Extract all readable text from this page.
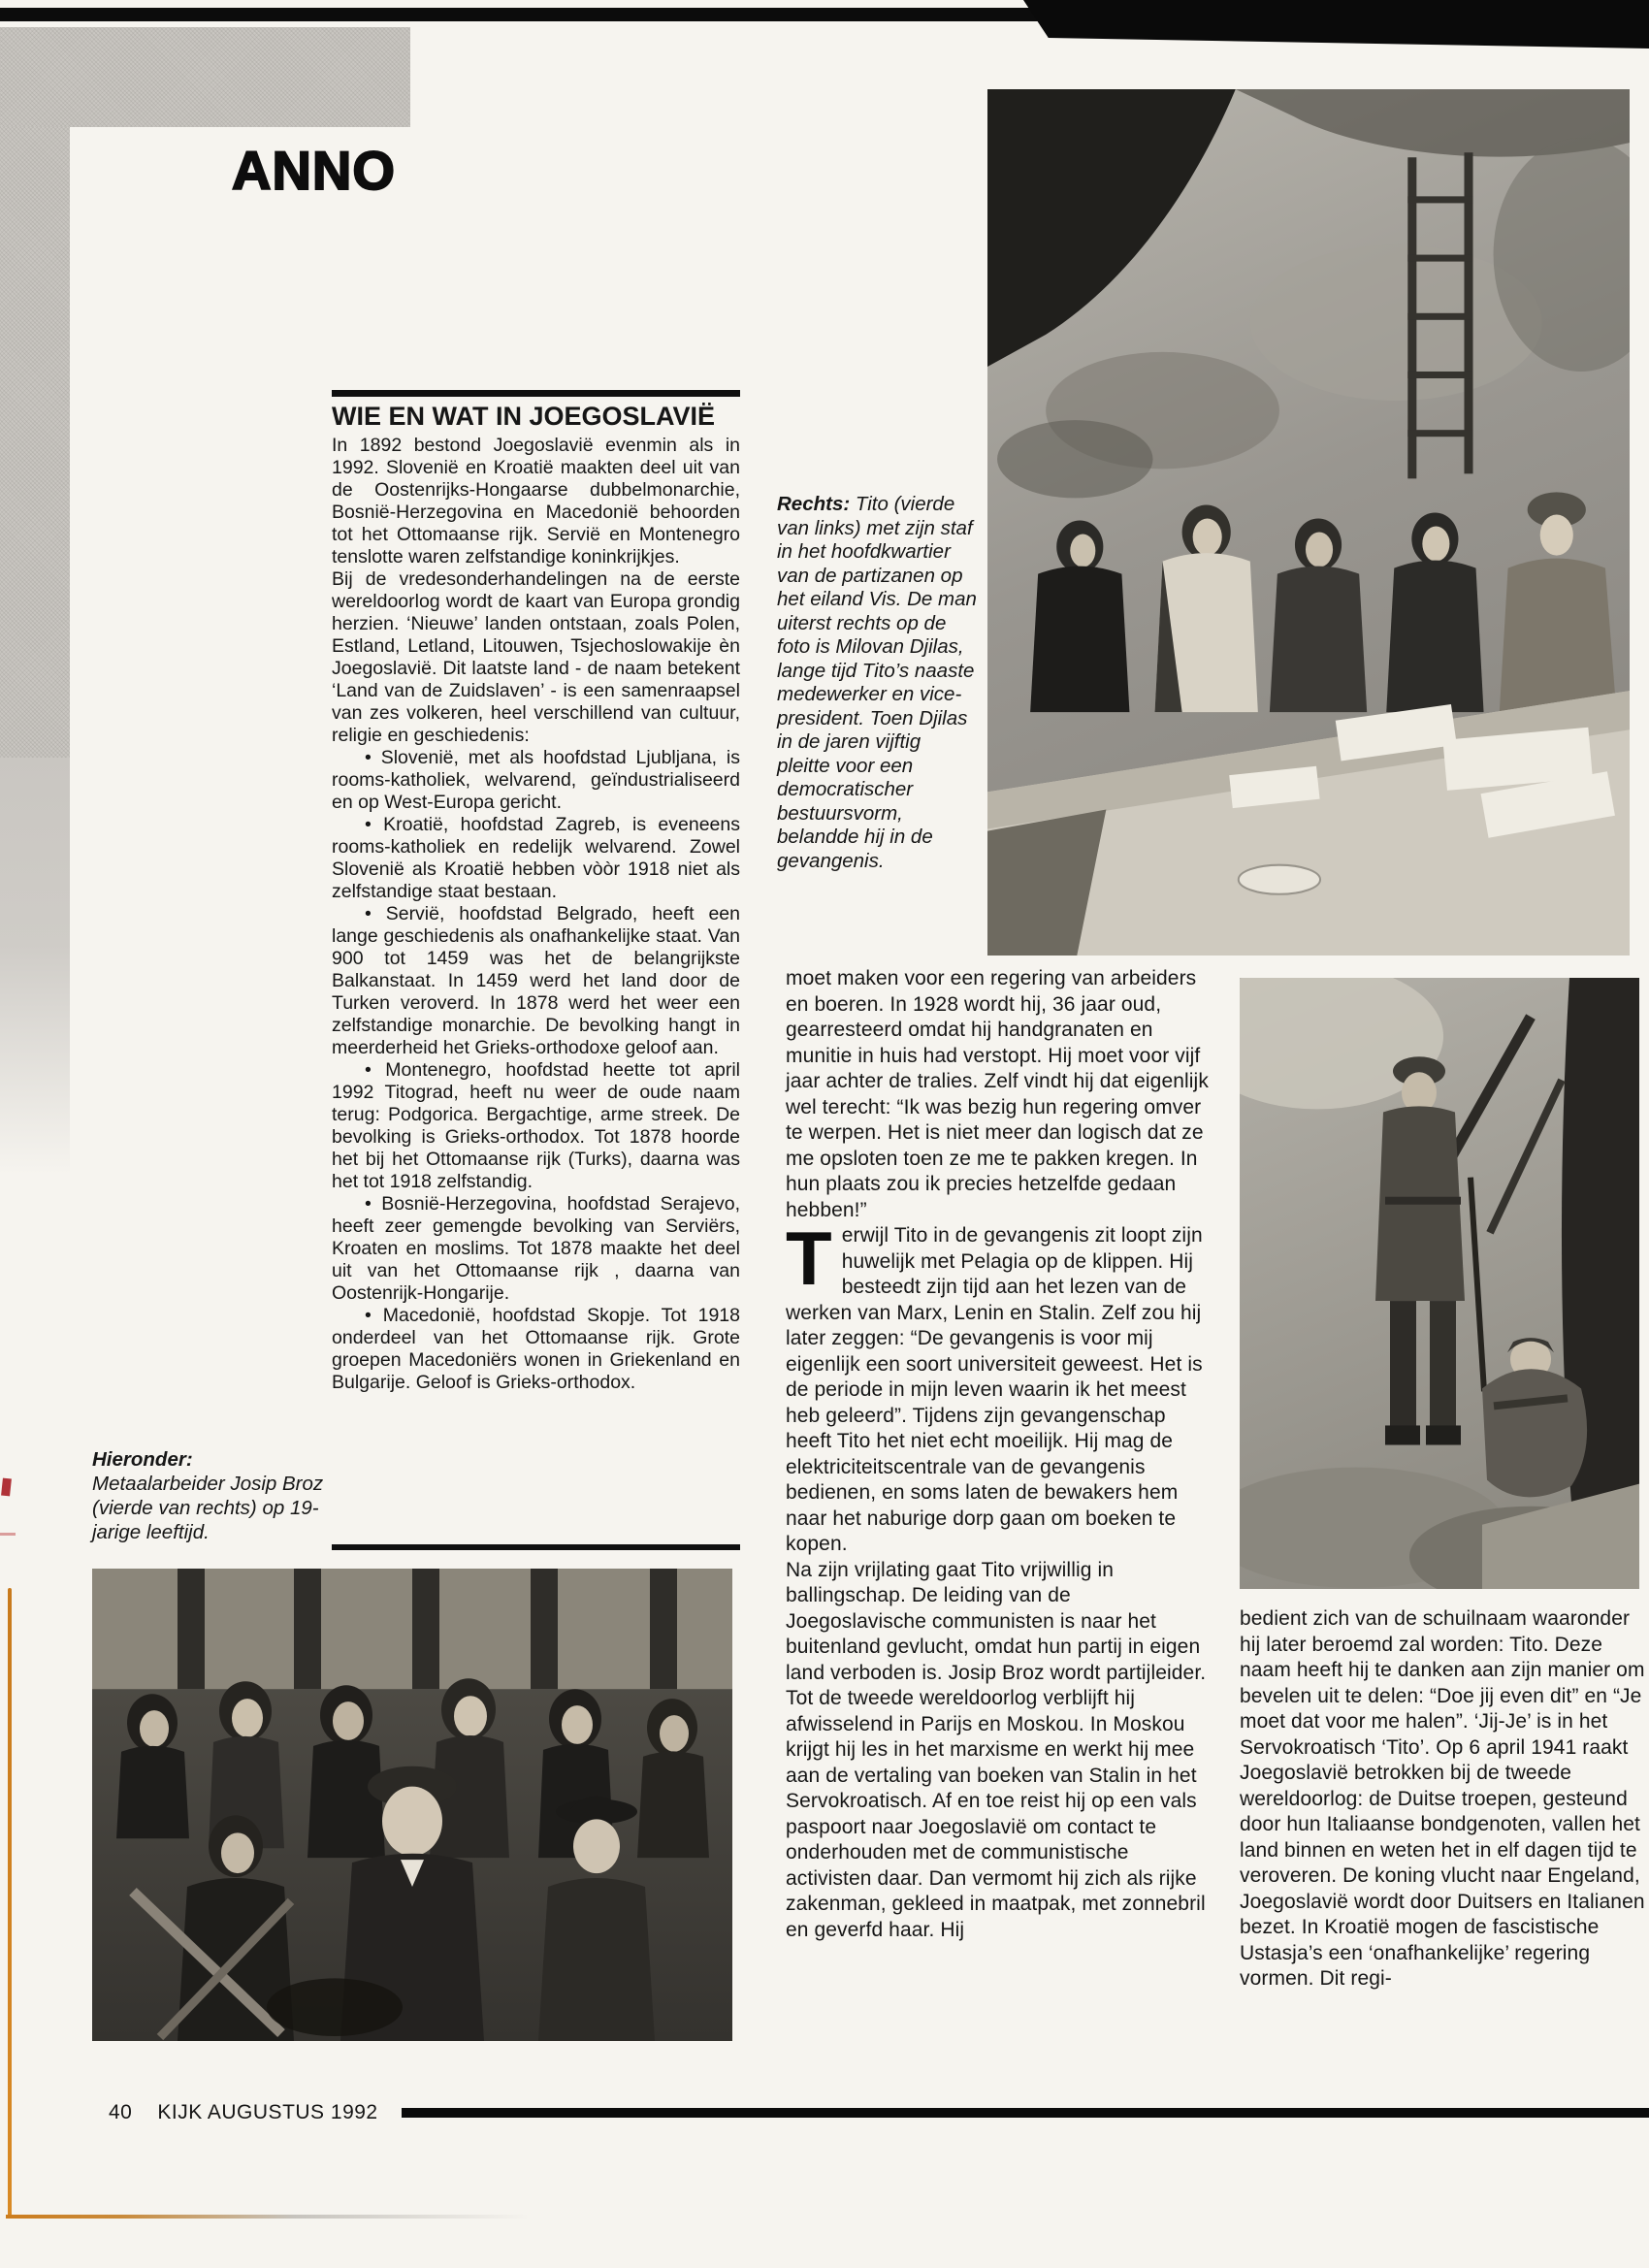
ANNO
WIE EN WAT IN JOEGOSLAVIË

In 1892 bestond Joegoslavië evenmin als in 1992. Slovenië en Kroatië maakten deel uit van de Oostenrijks-Hongaarse dubbelmonarchie, Bosnië-Herzegovina en Macedonië behoorden tot het Ottomaanse rijk. Servië en Montenegro tenslotte waren zelfstandige koninkrijkjes.

Bij de vredesonderhandelingen na de eerste wereldoorlog wordt de kaart van Europa grondig herzien. ‘Nieuwe’ landen ontstaan, zoals Polen, Estland, Letland, Litouwen, Tsjechoslowakije èn Joegoslavië. Dit laatste land - de naam betekent ‘Land van de Zuidslaven’ - is een samenraapsel van zes volkeren, heel verschillend van cultuur, religie en geschiedenis:

• Slovenië, met als hoofdstad Ljubljana, is rooms-katholiek, welvarend, geïndustrialiseerd en op West-Europa gericht.

• Kroatië, hoofdstad Zagreb, is eveneens rooms-katholiek en redelijk welvarend. Zowel Slovenië als Kroatië hebben vòòr 1918 niet als zelfstandige staat bestaan.

• Servië, hoofdstad Belgrado, heeft een lange geschiedenis als onafhankelijke staat. Van 900 tot 1459 was het de belangrijkste Balkanstaat. In 1459 werd het land door de Turken veroverd. In 1878 werd het weer een zelfstandige monarchie. De bevolking hangt in meerderheid het Grieks-orthodoxe geloof aan.

• Montenegro, hoofdstad heette tot april 1992 Titograd, heeft nu weer de oude naam terug: Podgorica. Bergachtige, arme streek. De bevolking is Grieks-orthodox. Tot 1878 hoorde het bij het Ottomaanse rijk (Turks), daarna was het tot 1918 zelfstandig.

• Bosnië-Herzegovina, hoofdstad Serajevo, heeft zeer gemengde bevolking van Serviërs, Kroaten en moslims. Tot 1878 maakte het deel uit van het Ottomaanse rijk , daarna van Oostenrijk-Hongarije.

• Macedonië, hoofdstad Skopje. Tot 1918 onderdeel van het Ottomaanse rijk. Grote groepen Macedoniërs wonen in Griekenland en Bulgarije. Geloof is Grieks-orthodox.

Rechts: Tito (vierde van links) met zijn staf in het hoofdkwartier van de partizanen op het eiland Vis. De man uiterst rechts op de foto is Milovan Djilas, lange tijd Tito’s naaste medewerker en vice-president. Toen Djilas in de jaren vijftig pleitte voor een democratischer bestuursvorm, belandde hij in de gevangenis.

moet maken voor een regering van arbeiders en boeren. In 1928 wordt hij, 36 jaar oud, gearresteerd omdat hij handgranaten en munitie in huis had verstopt. Hij moet voor vijf jaar achter de tralies. Zelf vindt hij dat eigenlijk wel terecht: “Ik was bezig hun regering omver te werpen. Het is niet meer dan logisch dat ze me opsloten toen ze me te pakken kregen. In hun plaats zou ik precies hetzelfde gedaan hebben!”

Terwijl Tito in de gevangenis zit loopt zijn huwelijk met Pelagia op de klippen. Hij besteedt zijn tijd aan het lezen van de werken van Marx, Lenin en Stalin. Zelf zou hij later zeggen: “De gevangenis is voor mij eigenlijk een soort universiteit geweest. Het is de periode in mijn leven waarin ik het meest heb geleerd”. Tijdens zijn gevangenschap heeft Tito het niet echt moeilijk. Hij mag de elektriciteitscentrale van de gevangenis bedienen, en soms laten de bewakers hem naar het naburige dorp gaan om boeken te kopen.

Na zijn vrijlating gaat Tito vrijwillig in ballingschap. De leiding van de Joegoslavische communisten is naar het buitenland gevlucht, omdat hun partij in eigen land verboden is. Josip Broz wordt partijleider. Tot de tweede wereldoorlog verblijft hij afwisselend in Parijs en Moskou. In Moskou krijgt hij les in het marxisme en werkt hij mee aan de vertaling van boeken van Stalin in het Servokroatisch. Af en toe reist hij op een vals paspoort naar Joegoslavië om contact te onderhouden met de communistische activisten daar. Dan vermomt hij zich als rijke zakenman, gekleed in maatpak, met zonnebril en geverfd haar. Hij

bedient zich van de schuilnaam waaronder hij later beroemd zal worden: Tito. Deze naam heeft hij te danken aan zijn manier om bevelen uit te delen: “Doe jij even dit” en “Je moet dat voor me halen”. ‘Jij-Je’ is in het Servokroatisch ‘Tito’. Op 6 april 1941 raakt Joegoslavië betrokken bij de tweede wereldoorlog: de Duitse troepen, gesteund door hun Italiaanse bondgenoten, vallen het land binnen en weten het in elf dagen tijd te veroveren. De koning vlucht naar Engeland, Joegoslavië wordt door Duitsers en Italianen bezet. In Kroatië mogen de fascistische Ustasja’s een ‘onafhankelijke’ regering vormen. Dit regi-

Hieronder:
Metaalarbeider Josip Broz (vierde van rechts) op 19-jarige leeftijd.
40 KIJK AUGUSTUS 1992
